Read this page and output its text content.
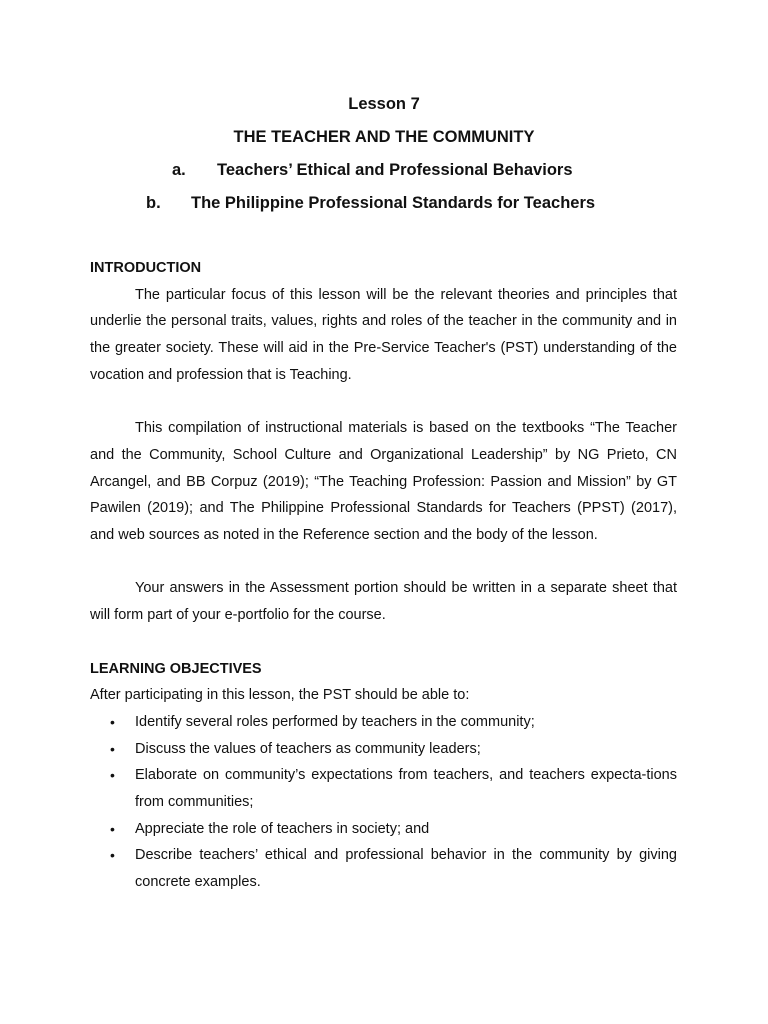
Lesson 7
THE TEACHER AND THE COMMUNITY
a. Teachers’ Ethical and Professional Behaviors
b. The Philippine Professional Standards for Teachers
INTRODUCTION

The particular focus of this lesson will be the relevant theories and principles that underlie the personal traits, values, rights and roles of the teacher in the community and in the greater society. These will aid in the Pre-Service Teacher's (PST) understanding of the vocation and profession that is Teaching.

This compilation of instructional materials is based on the textbooks “The Teacher and the Community, School Culture and Organizational Leadership” by NG Prieto, CN Arcangel, and BB Corpuz (2019); “The Teaching Profession: Passion and Mission” by GT Pawilen (2019); and The Philippine Professional Standards for Teachers (PPST) (2017), and web sources as noted in the Reference section and the body of the lesson.

Your answers in the Assessment portion should be written in a separate sheet that will form part of your e-portfolio for the course.

LEARNING OBJECTIVES
After participating in this lesson, the PST should be able to:
• Identify several roles performed by teachers in the community;
• Discuss the values of teachers as community leaders;
• Elaborate on community’s expectations from teachers, and teachers expecta-tions from communities;
• Appreciate the role of teachers in society; and
• Describe teachers’ ethical and professional behavior in the community by giving concrete examples.
